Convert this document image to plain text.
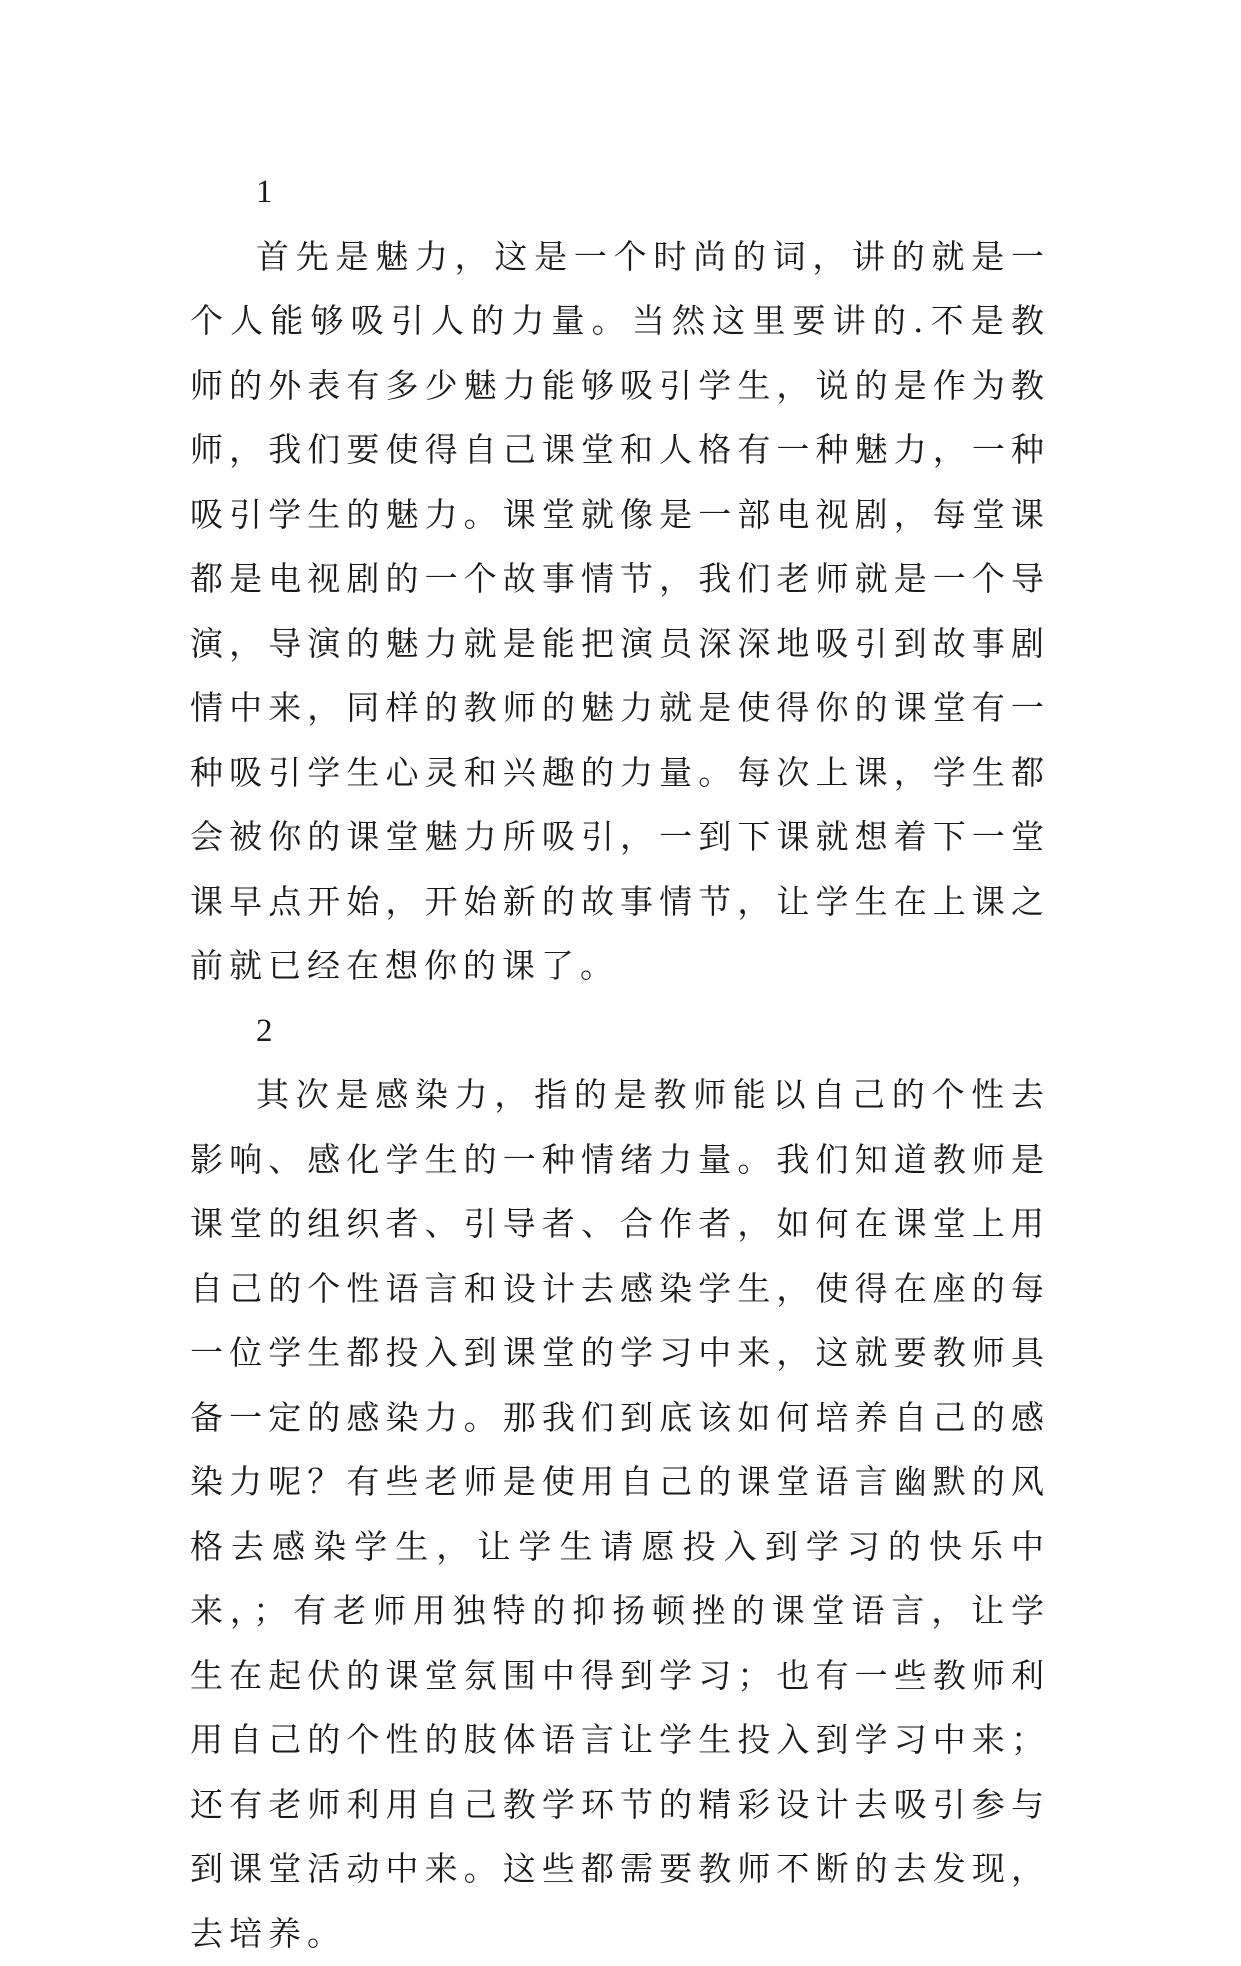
1

首先是魅力，这是一个时尚的词，讲的就是一个人能够吸引人的力量。当然这里要讲的.不是教师的外表有多少魅力能够吸引学生，说的是作为教师，我们要使得自己课堂和人格有一种魅力，一种吸引学生的魅力。课堂就像是一部电视剧，每堂课都是电视剧的一个故事情节，我们老师就是一个导演，导演的魅力就是能把演员深深地吸引到故事剧情中来，同样的教师的魅力就是使得你的课堂有一种吸引学生心灵和兴趣的力量。每次上课，学生都会被你的课堂魅力所吸引，一到下课就想着下一堂课早点开始，开始新的故事情节，让学生在上课之前就已经在想你的课了。

2

其次是感染力，指的是教师能以自己的个性去影响、感化学生的一种情绪力量。我们知道教师是课堂的组织者、引导者、合作者，如何在课堂上用自己的个性语言和设计去感染学生，使得在座的每一位学生都投入到课堂的学习中来，这就要教师具备一定的感染力。那我们到底该如何培养自己的感染力呢？有些老师是使用自己的课堂语言幽默的风格去感染学生，让学生请愿投入到学习的快乐中来，；有老师用独特的抑扬顿挫的课堂语言，让学生在起伏的课堂氛围中得到学习；也有一些教师利用自己的个性的肢体语言让学生投入到学习中来；还有老师利用自己教学环节的精彩设计去吸引参与到课堂活动中来。这些都需要教师不断的去发现，去培养。
